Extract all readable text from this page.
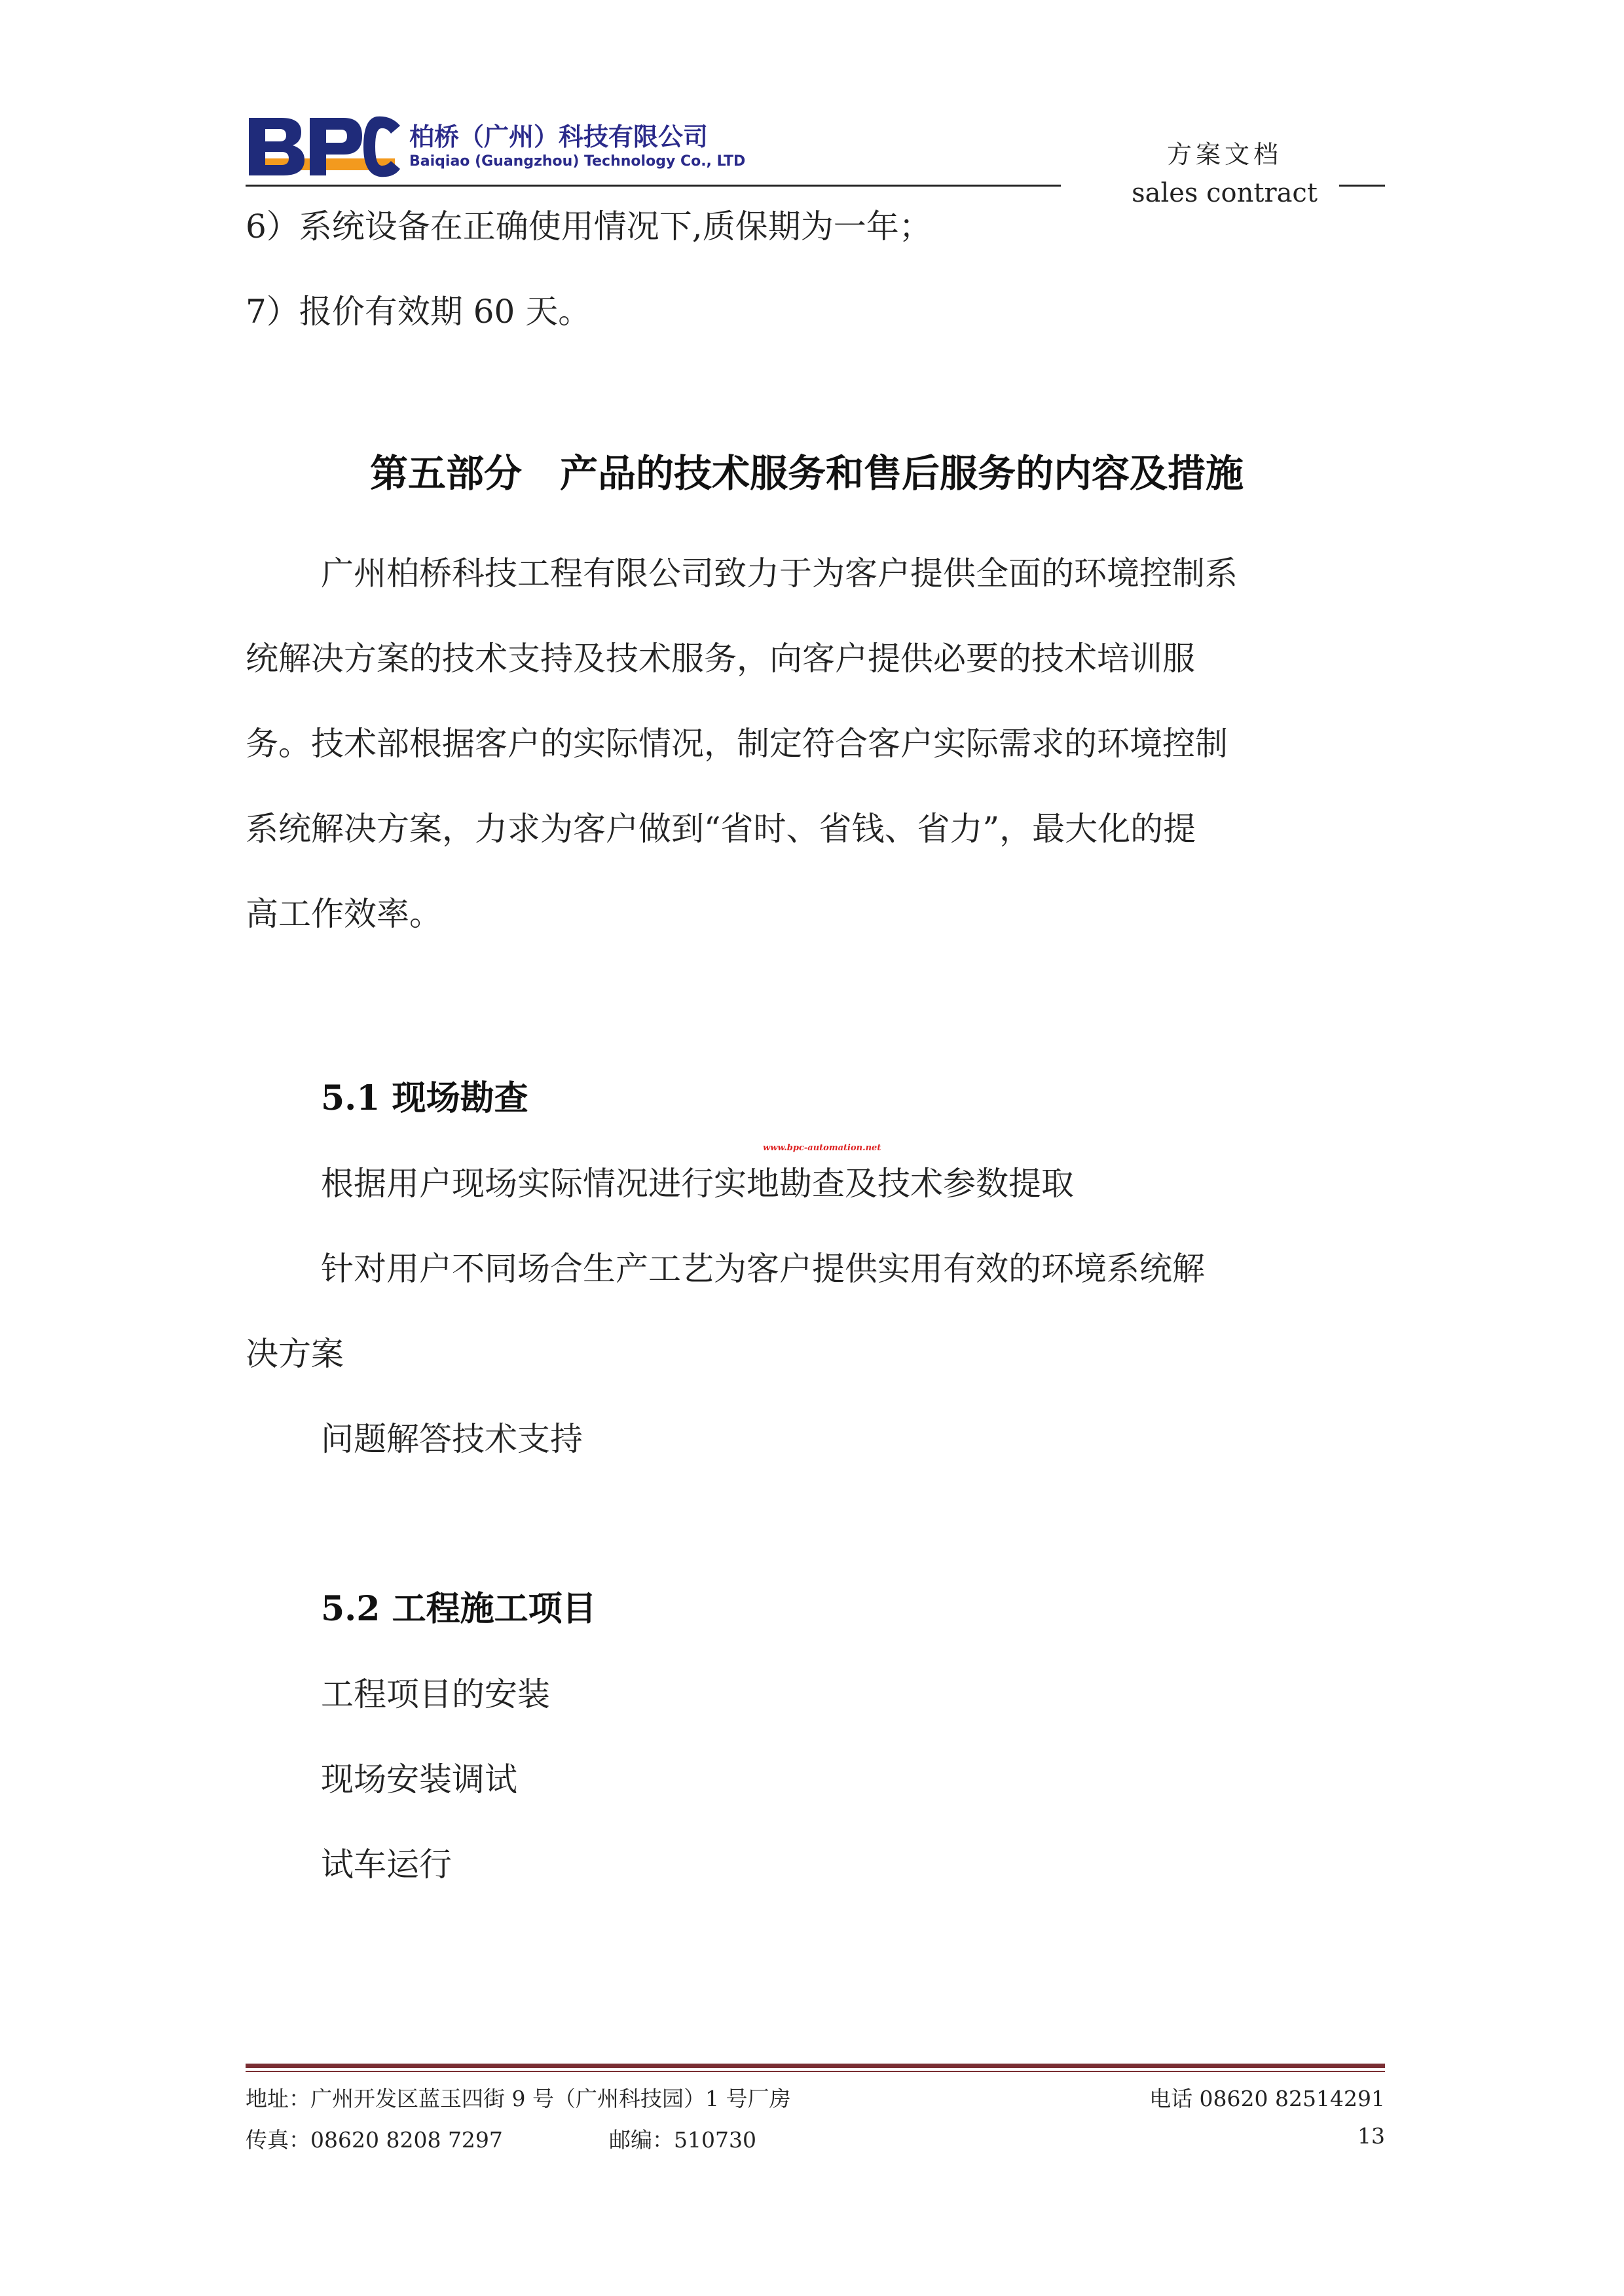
柏桥（广州）科技有限公司
Baiqiao (Guangzhou) Technology Co., LTD	方案文档
sales contract
6）系统设备在正确使用情况下,质保期为一年；
7）报价有效期 60 天。
第五部分　产品的技术服务和售后服务的内容及措施
广州柏桥科技工程有限公司致力于为客户提供全面的环境控制系
统解决方案的技术支持及技术服务，向客户提供必要的技术培训服
务。技术部根据客户的实际情况，制定符合客户实际需求的环境控制
系统解决方案，力求为客户做到“省时、省钱、省力”，最大化的提
高工作效率。
5.1 现场勘查
www.bpc-automation.net
根据用户现场实际情况进行实地勘查及技术参数提取
针对用户不同场合生产工艺为客户提供实用有效的环境系统解
决方案
问题解答技术支持
5.2 工程施工项目
工程项目的安装
现场安装调试
试车运行
地址：广州开发区蓝玉四街 9 号（广州科技园）1 号厂房	电话 08620 82514291
传真：08620 8208 7297	邮编：510730	13
